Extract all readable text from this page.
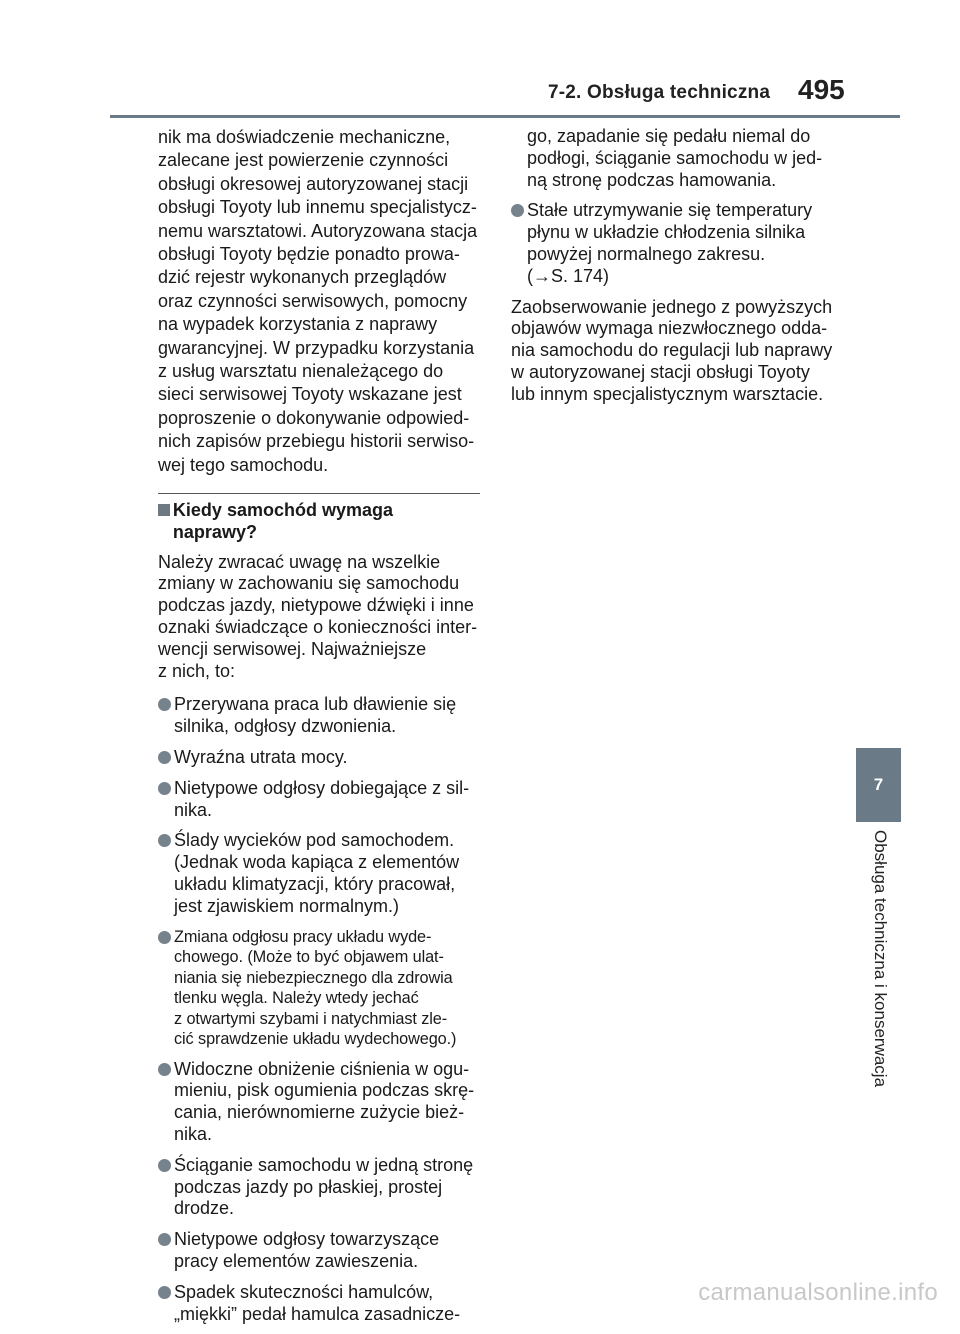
7-2. Obsługa techniczna 495

nik ma doświadczenie mechaniczne,
zalecane jest powierzenie czynności
obsługi okresowej autoryzowanej stacji
obsługi Toyoty lub innemu specjalistycz-
nemu warsztatowi. Autoryzowana stacja
obsługi Toyoty będzie ponadto prowa-
dzić rejestr wykonanych przeglądów
oraz czynności serwisowych, pomocny
na wypadek korzystania z naprawy
gwarancyjnej. W przypadku korzystania
z usług warsztatu nienależącego do
sieci serwisowej Toyoty wskazane jest
poproszenie o dokonywanie odpowied-
nich zapisów przebiegu historii serwiso-
wej tego samochodu.

Kiedy samochód wymaga naprawy?

Należy zwracać uwagę na wszelkie
zmiany w zachowaniu się samochodu
podczas jazdy, nietypowe dźwięki i inne
oznaki świadczące o konieczności inter-
wencji serwisowej. Najważniejsze
z nich, to:

Przerywana praca lub dławienie się
silnika, odgłosy dzwonienia.
Wyraźna utrata mocy.
Nietypowe odgłosy dobiegające z sil-
nika.
Ślady wycieków pod samochodem.
(Jednak woda kapiąca z elementów
układu klimatyzacji, który pracował,
jest zjawiskiem normalnym.)
Zmiana odgłosu pracy układu wyde-
chowego. (Może to być objawem ulat-
niania się niebezpiecznego dla zdrowia
tlenku węgla. Należy wtedy jechać
z otwartymi szybami i natychmiast zle-
cić sprawdzenie układu wydechowego.)
Widoczne obniżenie ciśnienia w ogu-
mieniu, pisk ogumienia podczas skrę-
cania, nierównomierne zużycie bież-
nika.
Ściąganie samochodu w jedną stronę
podczas jazdy po płaskiej, prostej
drodze.
Nietypowe odgłosy towarzyszące
pracy elementów zawieszenia.
Spadek skuteczności hamulców,
„miękki” pedał hamulca zasadnicze-
go, zapadanie się pedału niemal do
podłogi, ściąganie samochodu w jed-
ną stronę podczas hamowania.
Stałe utrzymywanie się temperatury
płynu w układzie chłodzenia silnika
powyżej normalnego zakresu.
(→S. 174)

Zaobserwowanie jednego z powyższych
objawów wymaga niezwłocznego odda-
nia samochodu do regulacji lub naprawy
w autoryzowanej stacji obsługi Toyoty
lub innym specjalistycznym warsztacie.

7
Obsługa techniczna i konserwacja
carmanualsonline.info
